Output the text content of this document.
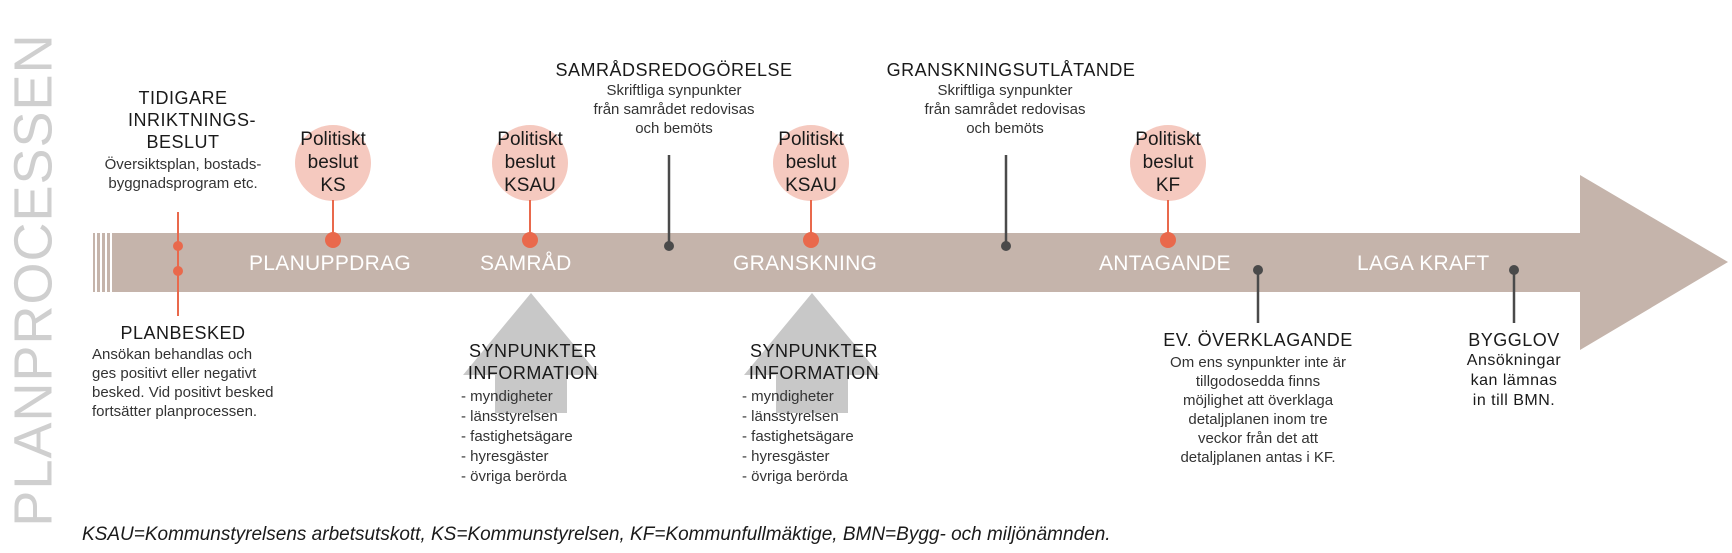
PLANPROCESSEN	Politiskt
beslut
KS
Politiskt
beslut
KSAU
Politiskt
beslut
KSAU
Politiskt
beslut
KF
PLANUPPDRAG	SAMRÅD	GRANSKNING	ANTAGANDE	LAGA KRAFT
TIDIGARE
INRIKTNINGS-
BESLUT
Översiktsplan, bostads-
byggnadsprogram etc.
PLANBESKED
Ansökan behandlas och
ges positivt eller negativt
besked. Vid positivt besked
fortsätter planprocessen.
SAMRÅDSREDOGÖRELSE
Skriftliga synpunkter
från samrådet redovisas
och bemöts
GRANSKNINGSUTLÅTANDE
Skriftliga synpunkter
från samrådet redovisas
och bemöts
SYNPUNKTER
INFORMATION
- myndigheter
- länsstyrelsen
- fastighetsägare
- hyresgäster
- övriga berörda
SYNPUNKTER
INFORMATION
- myndigheter
- länsstyrelsen
- fastighetsägare
- hyresgäster
- övriga berörda
EV. ÖVERKLAGANDE
Om ens synpunkter inte är
tillgodosedda finns
möjlighet att överklaga
detaljplanen inom tre
veckor från det att
detaljplanen antas i KF.
BYGGLOV
Ansökningar
kan lämnas
in till BMN.
KSAU=Kommunstyrelsens arbetsutskott, KS=Kommunstyrelsen, KF=Kommunfullmäktige, BMN=Bygg- och miljönämnden.
